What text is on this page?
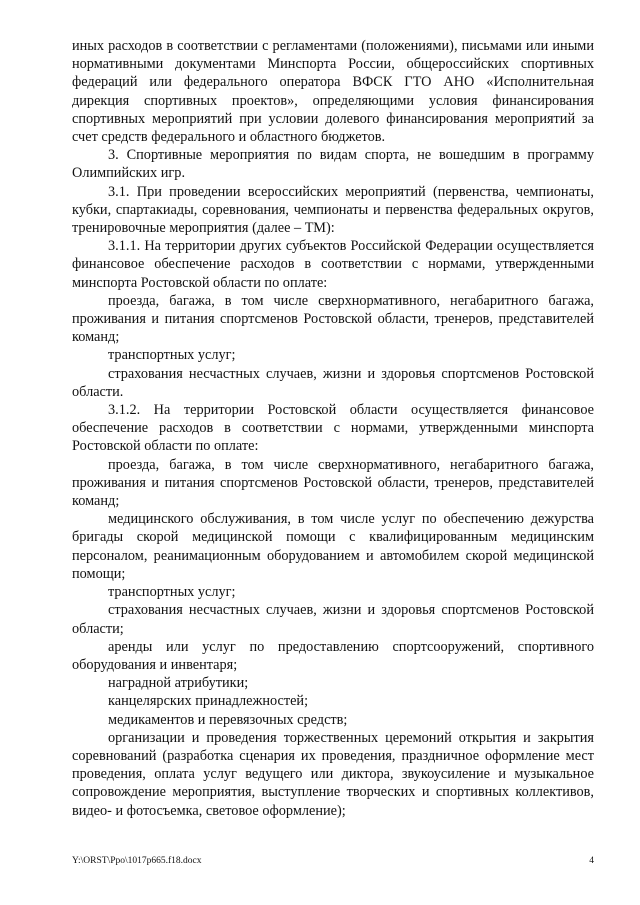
иных расходов в соответствии с регламентами (положениями), письмами или иными нормативными документами Минспорта России, общероссийских спортивных федераций или федерального оператора ВФСК ГТО АНО «Исполнительная дирекция спортивных проектов», определяющими условия финансирования спортивных мероприятий при условии долевого финансирования мероприятий за счет средств федерального и областного бюджетов.

3. Спортивные мероприятия по видам спорта, не вошедшим в программу Олимпийских игр.

3.1. При проведении всероссийских мероприятий (первенства, чемпионаты, кубки, спартакиады, соревнования, чемпионаты и первенства федеральных округов, тренировочные мероприятия (далее – ТМ):

3.1.1. На территории других субъектов Российской Федерации осуществляется финансовое обеспечение расходов в соответствии с нормами, утвержденными минспорта Ростовской области по оплате:

проезда, багажа, в том числе сверхнормативного, негабаритного багажа, проживания и питания спортсменов Ростовской области, тренеров, представителей команд;

транспортных услуг;

страхования несчастных случаев, жизни и здоровья спортсменов Ростовской области.

3.1.2. На территории Ростовской области осуществляется финансовое обеспечение расходов в соответствии с нормами, утвержденными минспорта Ростовской области по оплате:

проезда, багажа, в том числе сверхнормативного, негабаритного багажа, проживания и питания спортсменов Ростовской области, тренеров, представителей команд;

медицинского обслуживания, в том числе услуг по обеспечению дежурства бригады скорой медицинской помощи с квалифицированным медицинским персоналом, реанимационным оборудованием и автомобилем скорой медицинской помощи;

транспортных услуг;

страхования несчастных случаев, жизни и здоровья спортсменов Ростовской области;

аренды или услуг по предоставлению спортсооружений, спортивного оборудования и инвентаря;

наградной атрибутики;

канцелярских принадлежностей;

медикаментов и перевязочных средств;

организации и проведения торжественных церемоний открытия и закрытия соревнований (разработка сценария их проведения, праздничное оформление мест проведения, оплата услуг ведущего или диктора, звукоусиление и музыкальное сопровождение мероприятия, выступление творческих и спортивных коллективов, видео- и фотосъемка, световое оформление);

Y:\ORST\Ppo\1017p665.f18.docx	4
